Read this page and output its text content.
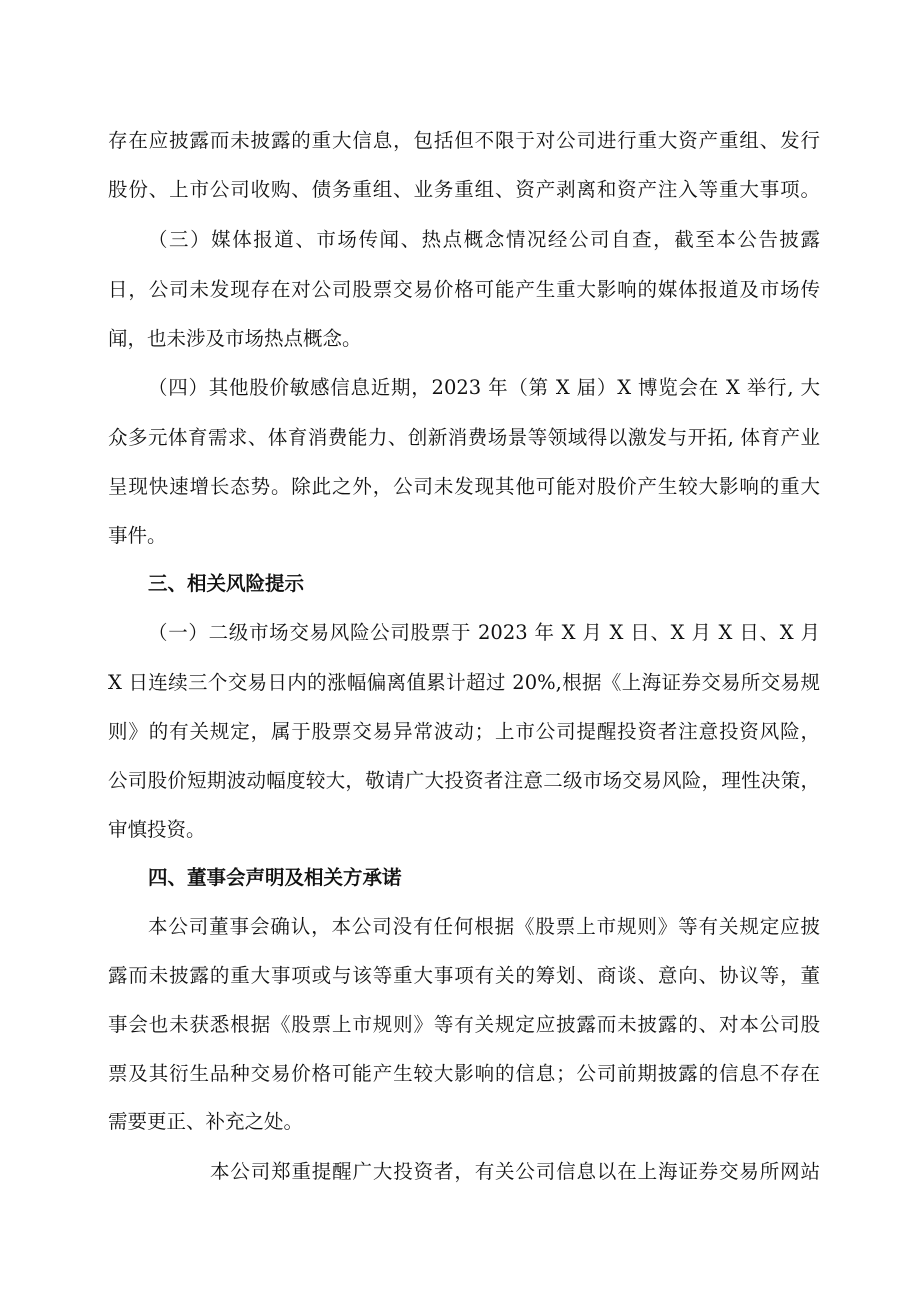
存在应披露而未披露的重大信息，包括但不限于对公司进行重大资产重组、发行
股份、上市公司收购、债务重组、业务重组、资产剥离和资产注入等重大事项。
（三）媒体报道、市场传闻、热点概念情况经公司自查，截至本公告披露
日，公司未发现存在对公司股票交易价格可能产生重大影响的媒体报道及市场传
闻，也未涉及市场热点概念。
（四）其他股价敏感信息近期，2023 年（第 X 届）X 博览会在 X 举行, 大
众多元体育需求、体育消费能力、创新消费场景等领域得以激发与开拓, 体育产业
呈现快速增长态势。除此之外，公司未发现其他可能对股价产生较大影响的重大
事件。
三、相关风险提示
（一）二级市场交易风险公司股票于 2023 年 X 月 X 日、X 月 X 日、X 月
X 日连续三个交易日内的涨幅偏离值累计超过 20%,根据《上海证券交易所交易规
则》的有关规定，属于股票交易异常波动；上市公司提醒投资者注意投资风险，
公司股价短期波动幅度较大，敬请广大投资者注意二级市场交易风险，理性决策，
审慎投资。
四、董事会声明及相关方承诺
本公司董事会确认，本公司没有任何根据《股票上市规则》等有关规定应披
露而未披露的重大事项或与该等重大事项有关的筹划、商谈、意向、协议等，董
事会也未获悉根据《股票上市规则》等有关规定应披露而未披露的、对本公司股
票及其衍生品种交易价格可能产生较大影响的信息；公司前期披露的信息不存在
需要更正、补充之处。
本公司郑重提醒广大投资者，有关公司信息以在上海证券交易所网站
